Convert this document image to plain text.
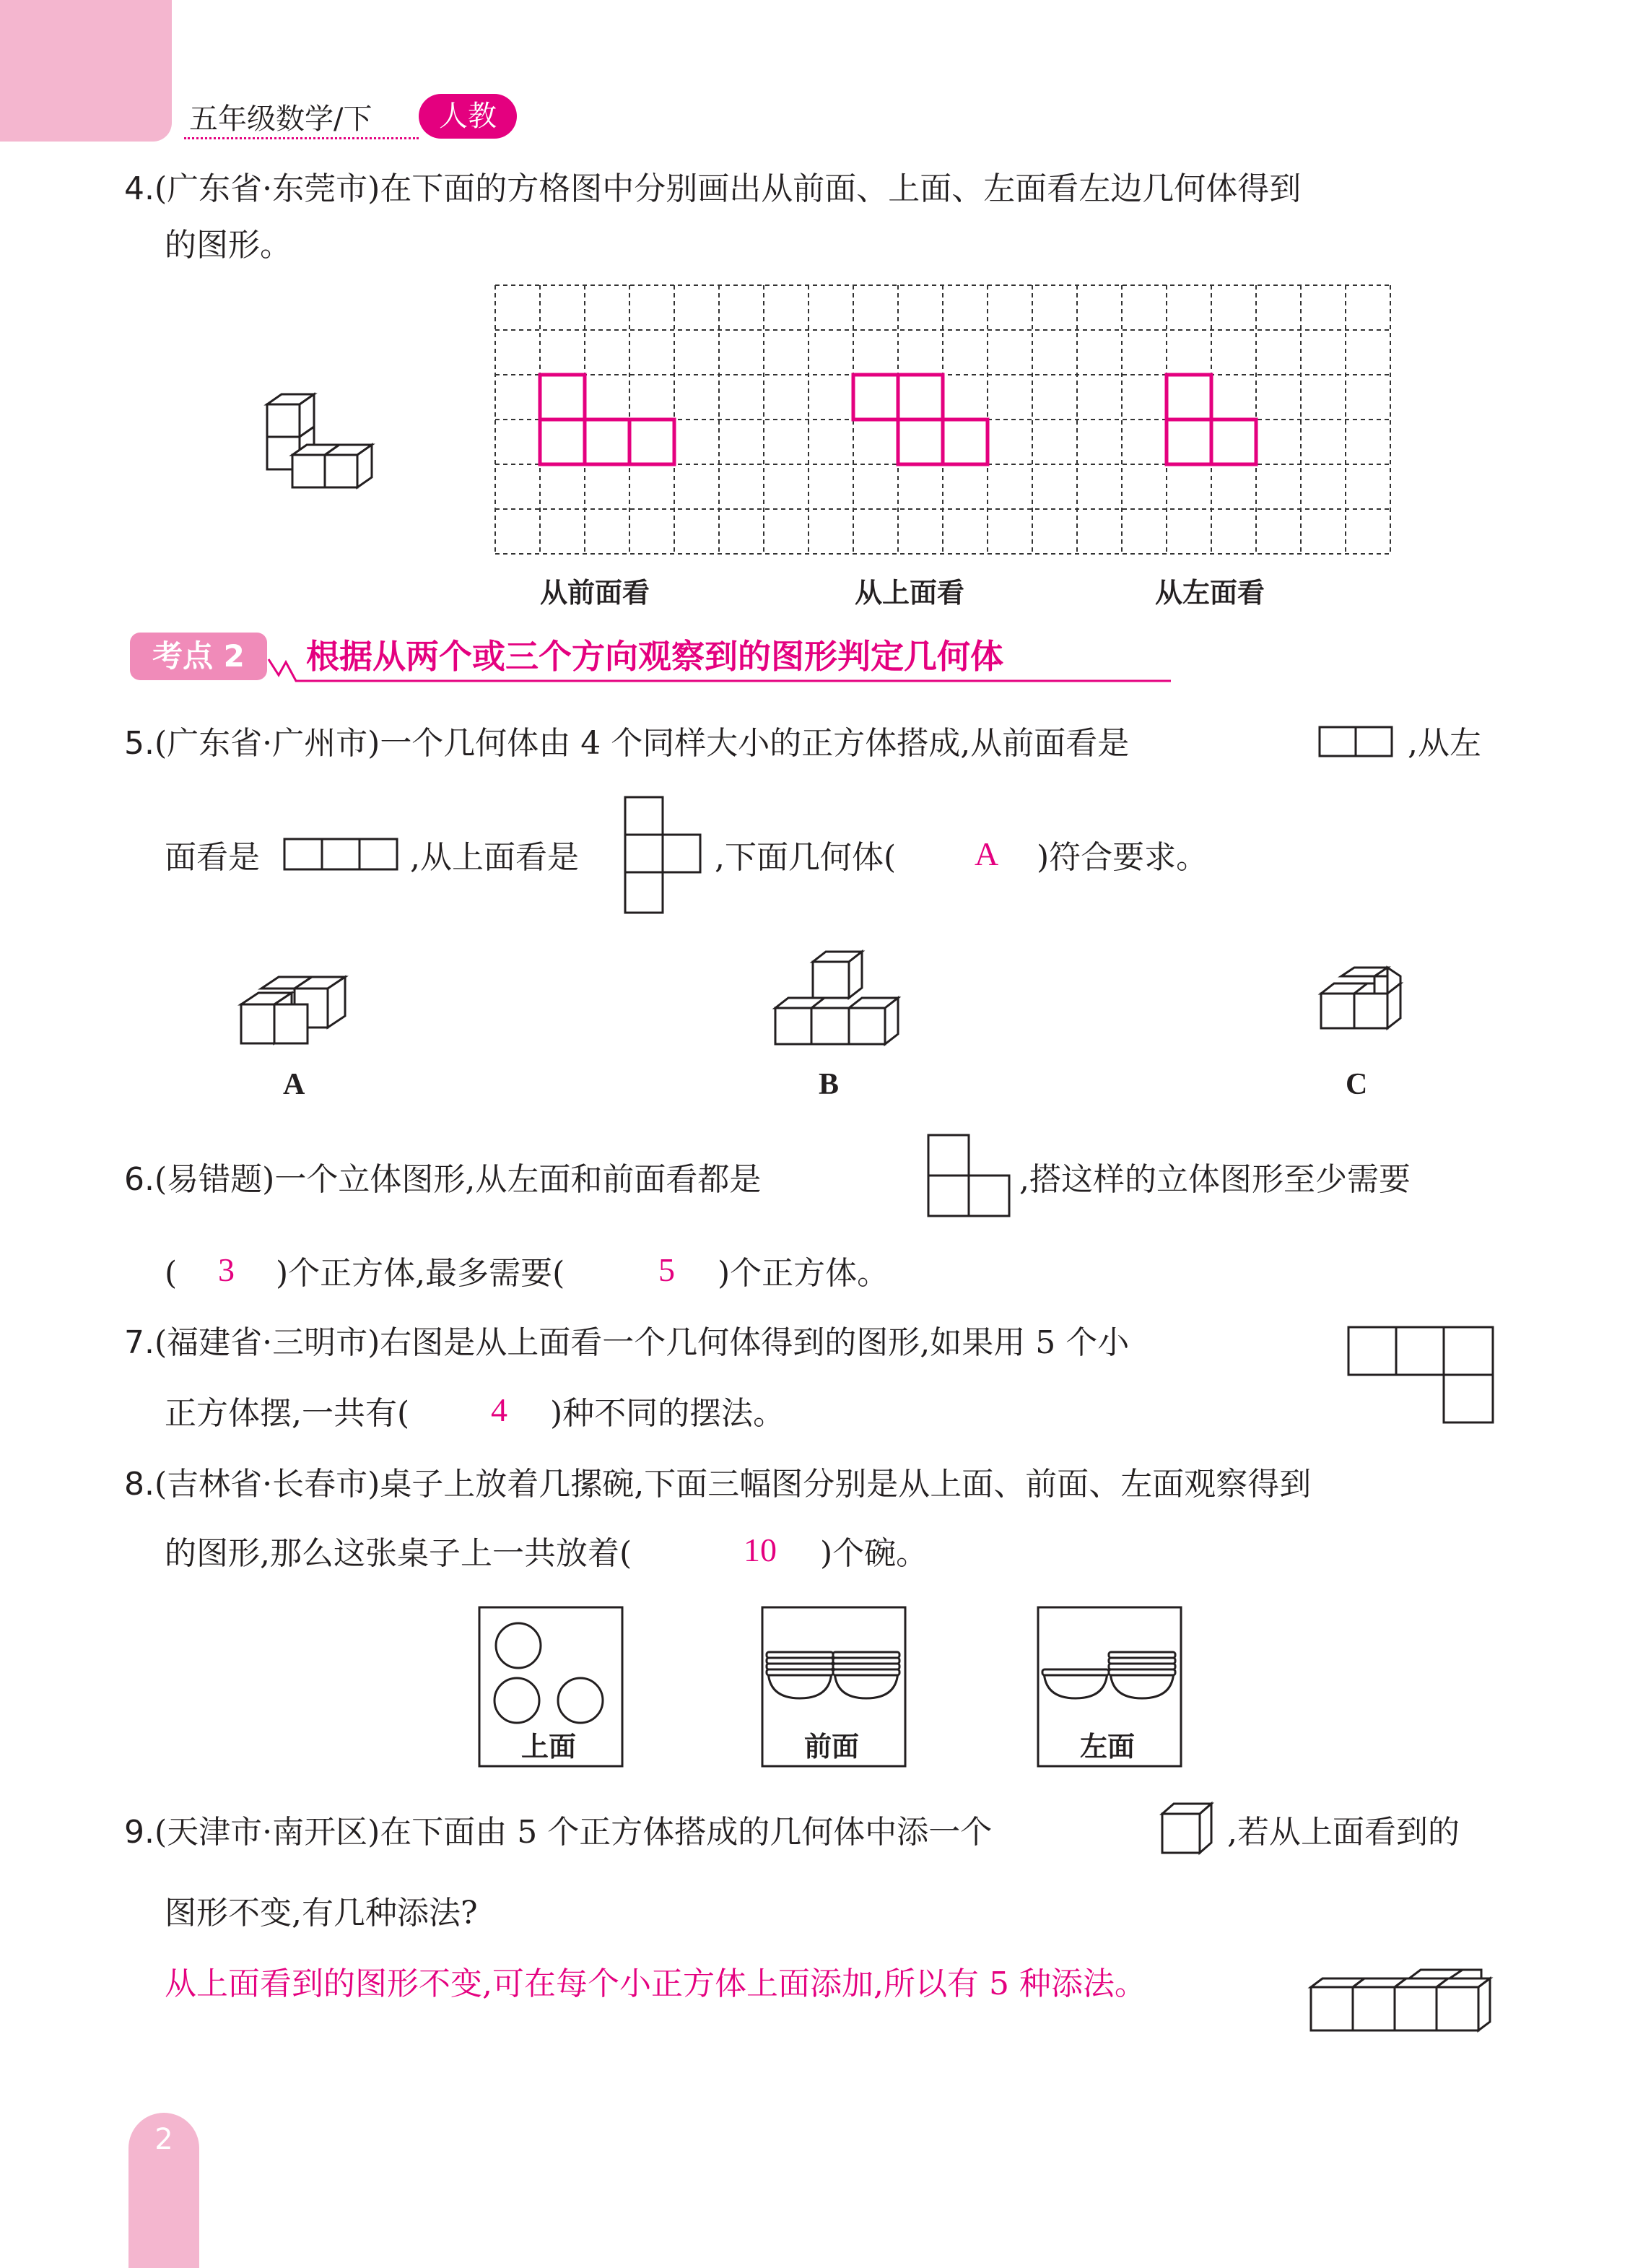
五年级数学/下	人教
4.(广东省·东莞市)在下面的方格图中分别画出从前面、上面、左面看左边几何体得到
的图形。
从前面看	从上面看	从左面看
考点 2	根据从两个或三个方向观察到的图形判定几何体
5.(广东省·广州市)一个几何体由 4 个同样大小的正方体搭成,从前面看是	,从左
面看是	,从上面看是	,下面几何体( A )符合要求。
A	B	C
6.(易错题)一个立体图形,从左面和前面看都是	,搭这样的立体图形至少需要
( 3 )个正方体,最多需要(	5 )个正方体。
7.(福建省·三明市)右图是从上面看一个几何体得到的图形,如果用 5 个小
正方体摆,一共有( 4 )种不同的摆法。
8.(吉林省·长春市)桌子上放着几摞碗,下面三幅图分别是从上面、前面、左面观察得到
的图形,那么这张桌子上一共放着(	10 )个碗。
上面	前面	左面
9.(天津市·南开区)在下面由 5 个正方体搭成的几何体中添一个	,若从上面看到的
图形不变,有几种添法?
从上面看到的图形不变,可在每个小正方体上面添加,所以有 5 种添法。
2
